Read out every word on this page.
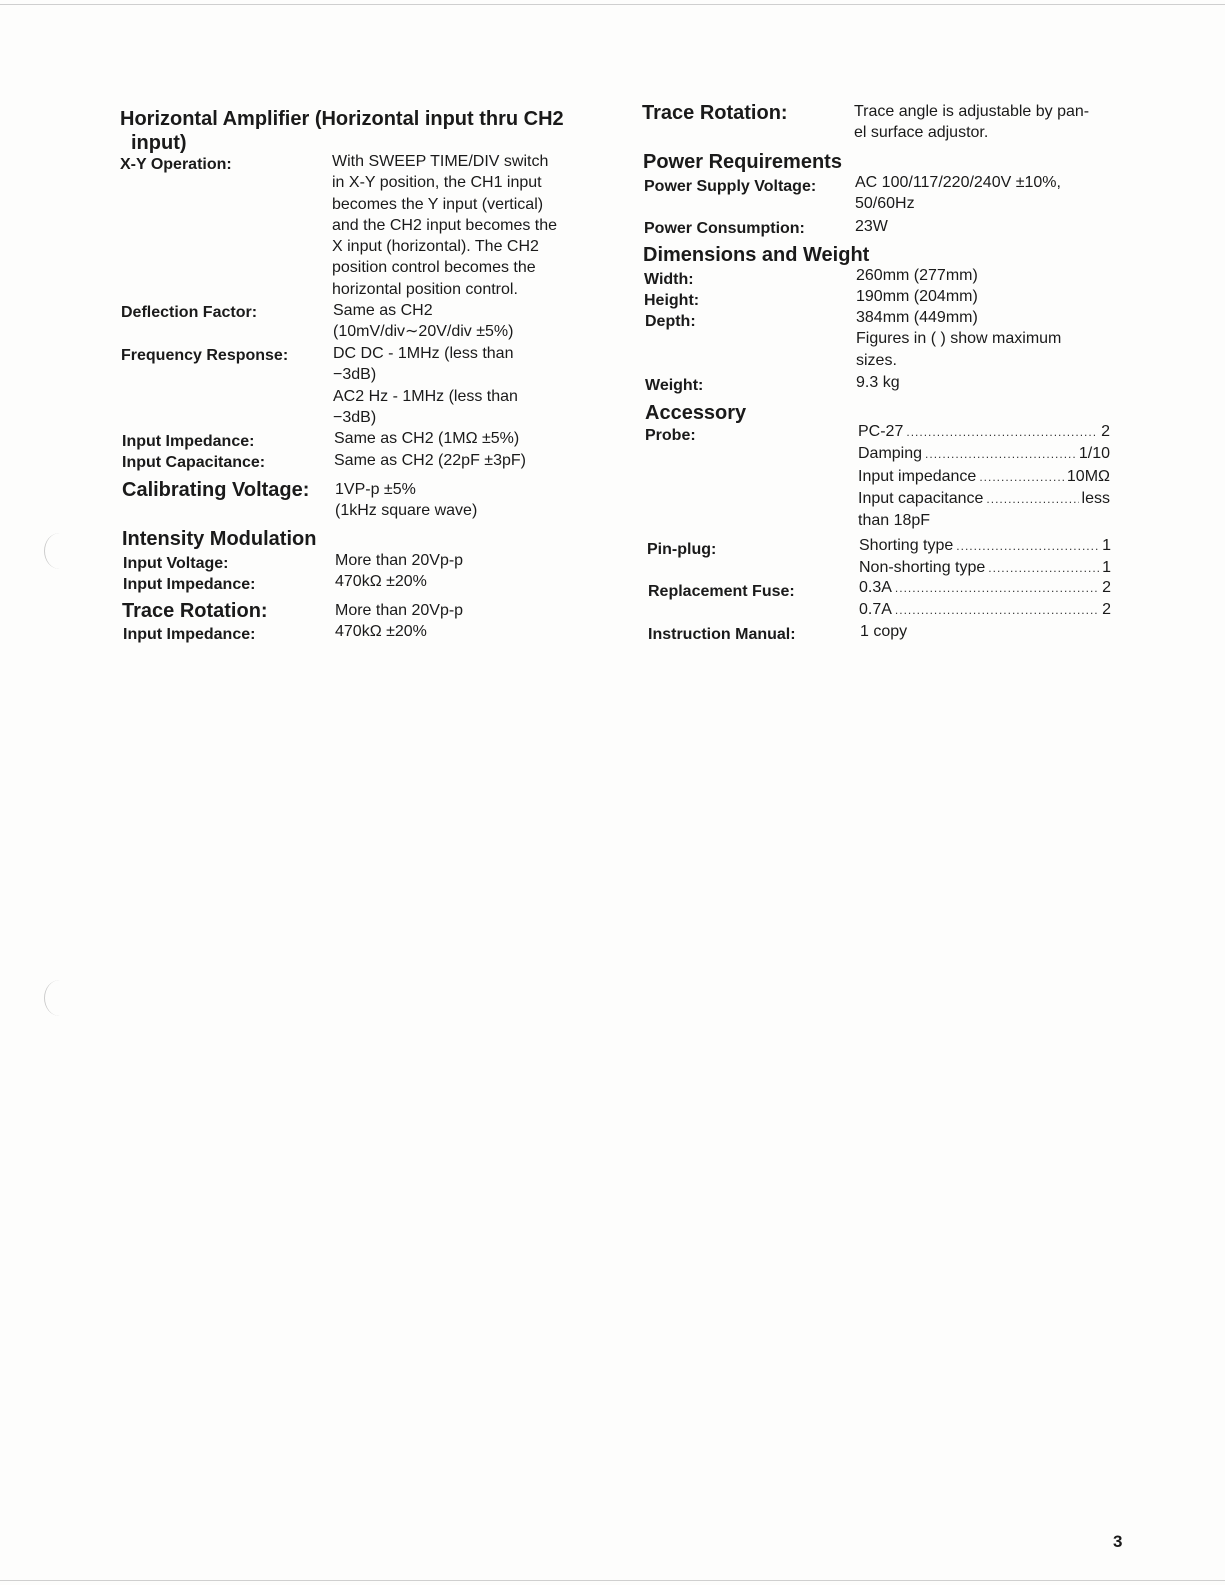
Horizontal Amplifier (Horizontal input thru CH2
input)
X-Y Operation:	With SWEEP TIME/DIV switch
in X-Y position, the CH1 input
becomes the Y input (vertical)
and the CH2 input becomes the
X input (horizontal). The CH2
position control becomes the
horizontal position control.
Deflection Factor:	Same as CH2
(10mV/div∼20V/div ±5%)
Frequency Response:	DC DC - 1MHz (less than
−3dB)
AC2 Hz - 1MHz (less than
−3dB)
Input Impedance:	Same as CH2 (1MΩ ±5%)
Input Capacitance:	Same as CH2 (22pF ±3pF)
Calibrating Voltage: 1VP-p ±5%
(1kHz square wave)
Intensity Modulation
Input Voltage:	More than 20Vp-p
Input Impedance:	470kΩ ±20%
Trace Rotation:	More than 20Vp-p
Input Impedance:	470kΩ ±20%
Trace Rotation:	Trace angle is adjustable by pan-
el surface adjustor.
Power Requirements
Power Supply Voltage: AC 100/117/220/240V ±10%,
50/60Hz
Power Consumption:	23W
Dimensions and Weight
Width:	260mm (277mm)
Height:	190mm (204mm)
Depth:	384mm (449mm)
Figures in ( ) show maximum
sizes.
Weight:	9.3 kg
Accessory
Probe:	PC-27 .....	2
Damping .....	1/10
Input impedance .....	10MΩ
Input capacitance .....	less
than 18pF
Pin-plug:	Shorting type .....	1
Non-shorting type .....	1
Replacement Fuse:	0.3A .....	2
0.7A .....	2
Instruction Manual:	1 copy
3
